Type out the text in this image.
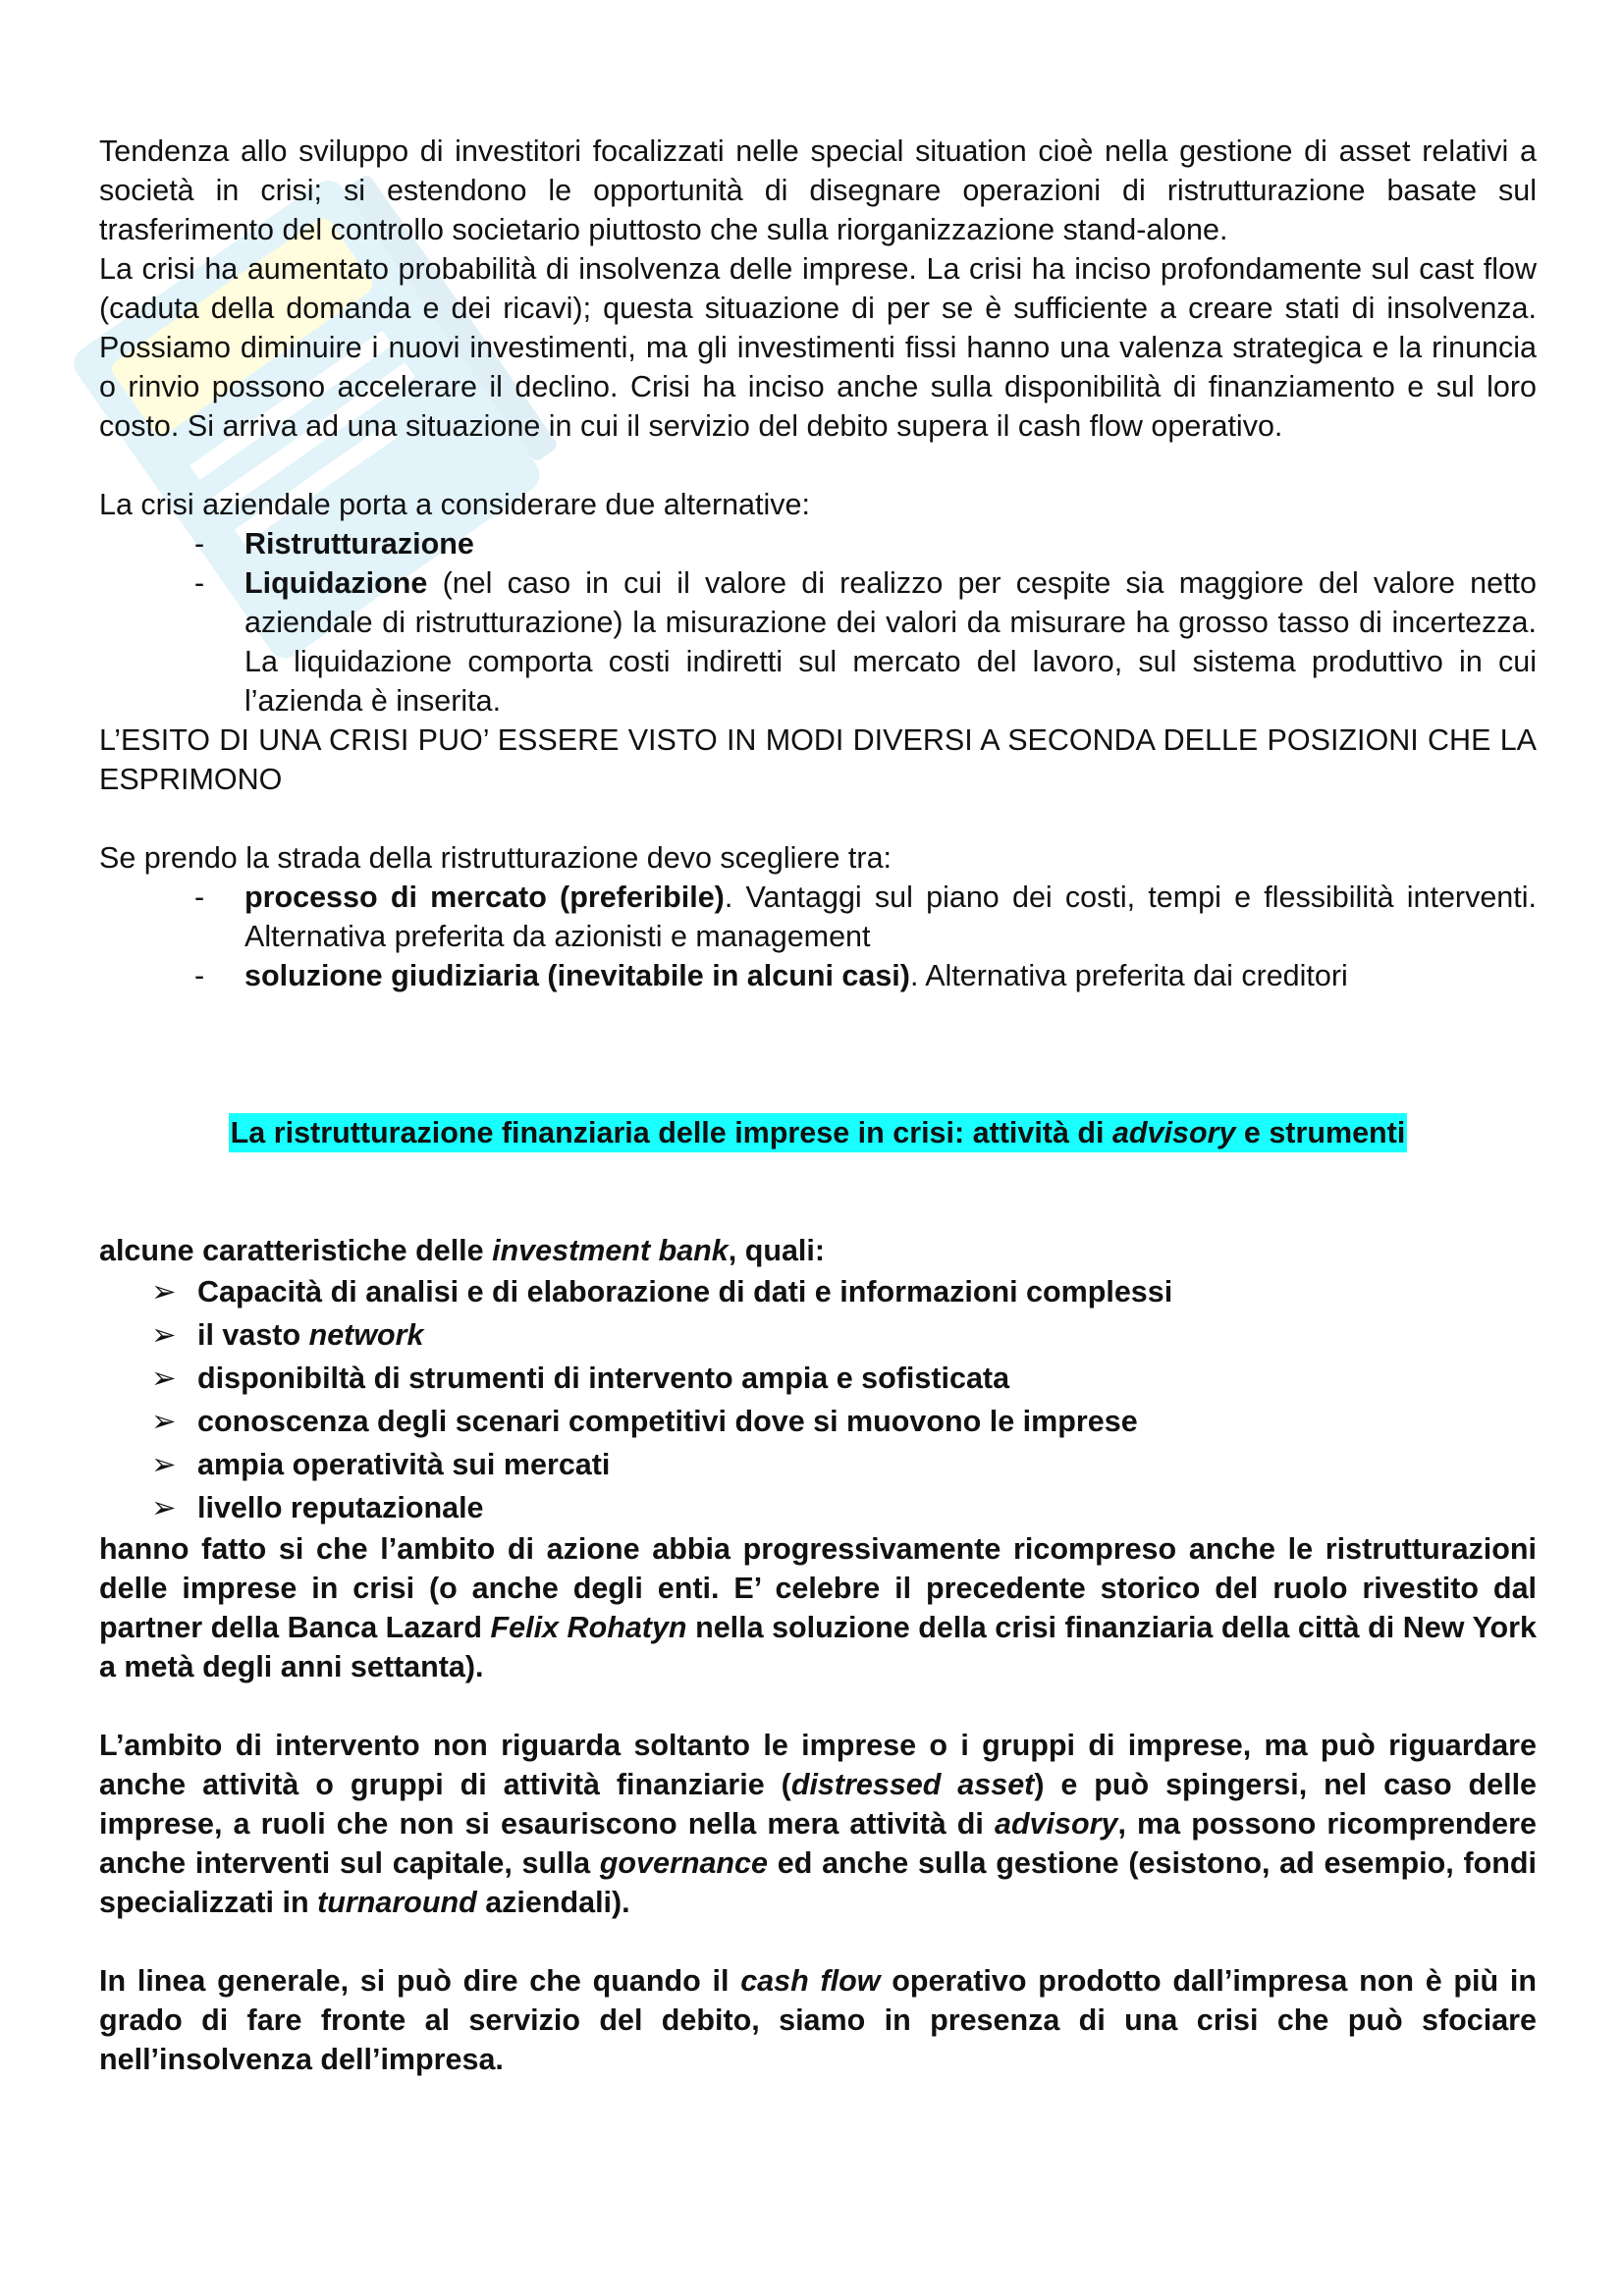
Tendenza allo sviluppo di investitori focalizzati nelle special situation cioè nella gestione di asset relativi a società in crisi; si estendono le opportunità di disegnare operazioni di ristrutturazione basate sul trasferimento del controllo societario piuttosto che sulla riorganizzazione stand-alone.

La crisi ha aumentato probabilità di insolvenza delle imprese. La crisi ha inciso profondamente sul cast flow (caduta della domanda e dei ricavi); questa situazione di per se è sufficiente a creare stati di insolvenza. Possiamo diminuire i nuovi investimenti, ma gli investimenti fissi hanno una valenza strategica e la rinuncia o rinvio possono accelerare il declino. Crisi ha inciso anche sulla disponibilità di finanziamento e sul loro costo. Si arriva ad una situazione in cui il servizio del debito supera il cash flow operativo.

La crisi aziendale porta a considerare due alternative:

- Ristrutturazione
- Liquidazione (nel caso in cui il valore di realizzo per cespite sia maggiore del valore netto aziendale di ristrutturazione) la misurazione dei valori da misurare ha grosso tasso di incertezza. La liquidazione comporta costi indiretti sul mercato del lavoro, sul sistema produttivo in cui l’azienda è inserita.

L’ESITO DI UNA CRISI PUO’ ESSERE VISTO IN MODI DIVERSI A SECONDA DELLE POSIZIONI CHE LA ESPRIMONO

Se prendo la strada della ristrutturazione devo scegliere tra:

- processo di mercato (preferibile). Vantaggi sul piano dei costi, tempi e flessibilità interventi. Alternativa preferita da azionisti e management
- soluzione giudiziaria (inevitabile in alcuni casi). Alternativa preferita dai creditori

La ristrutturazione finanziaria delle imprese in crisi: attività di advisory e strumenti

alcune caratteristiche delle investment bank, quali:

➢ Capacità di analisi e di elaborazione di dati e informazioni complessi
➢ il vasto network
➢ disponibiltà di strumenti di intervento ampia e sofisticata
➢ conoscenza degli scenari competitivi dove si muovono le imprese
➢ ampia operatività sui mercati
➢ livello reputazionale

hanno fatto si che l’ambito di azione abbia progressivamente ricompreso anche le ristrutturazioni delle imprese in crisi (o anche degli enti. E’ celebre il precedente storico del ruolo rivestito dal partner della Banca Lazard Felix Rohatyn nella soluzione della crisi finanziaria della città di New York a metà degli anni settanta).

L’ambito di intervento non riguarda soltanto le imprese o i gruppi di imprese, ma può riguardare anche attività o gruppi di attività finanziarie (distressed asset) e può spingersi, nel caso delle imprese, a ruoli che non si esauriscono nella mera attività di advisory, ma possono ricomprendere anche interventi sul capitale, sulla governance ed anche sulla gestione (esistono, ad esempio, fondi specializzati in turnaround aziendali).

In linea generale, si può dire che quando il cash flow operativo prodotto dall’impresa non è più in grado di fare fronte al servizio del debito, siamo in presenza di una crisi che può sfociare nell’insolvenza dell’impresa.
